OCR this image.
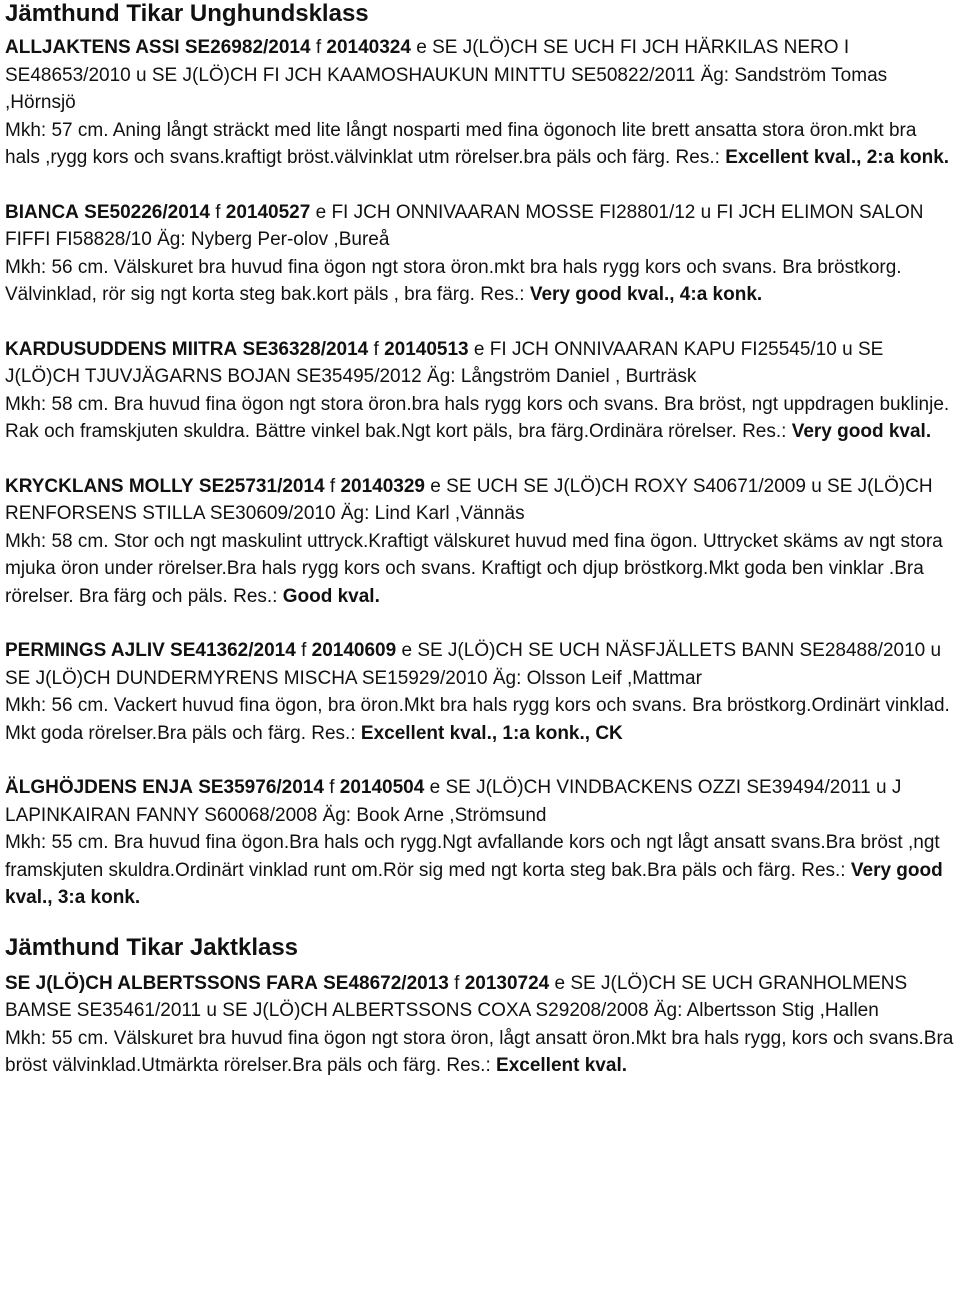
Jämthund Tikar Unghundsklass
ALLJAKTENS ASSI SE26982/2014 f 20140324 e SE J(LÖ)CH SE UCH FI JCH HÄRKILAS NERO I SE48653/2010 u SE J(LÖ)CH FI JCH KAAMOSHAUKUN MINTTU SE50822/2011 Äg: Sandström Tomas ,Hörnsjö
Mkh: 57 cm. Aning långt sträckt med lite långt nosparti med fina ögonoch lite brett ansatta stora öron.mkt bra hals ,rygg kors och svans.kraftigt bröst.välvinklat utm rörelser.bra päls och färg. Res.: Excellent kval., 2:a konk.
BIANCA SE50226/2014 f 20140527 e FI JCH ONNIVAARAN MOSSE FI28801/12 u FI JCH ELIMON SALON FIFFI FI58828/10 Äg: Nyberg Per-olov ,Bureå
Mkh: 56 cm. Välskuret bra huvud fina ögon ngt stora öron.mkt bra hals rygg kors och svans. Bra bröstkorg. Välvinklad, rör sig ngt korta steg bak.kort päls , bra färg. Res.: Very good kval., 4:a konk.
KARDUSUDDENS MIITRA SE36328/2014 f 20140513 e FI JCH ONNIVAARAN KAPU FI25545/10 u SE J(LÖ)CH TJUVJÄGARNS BOJAN SE35495/2012 Äg: Långström Daniel , Burträsk
Mkh: 58 cm. Bra huvud fina ögon ngt stora öron.bra hals rygg kors och svans. Bra bröst, ngt uppdragen buklinje. Rak och framskjuten skuldra. Bättre vinkel bak.Ngt kort päls, bra färg.Ordinära rörelser. Res.: Very good kval.
KRYCKLANS MOLLY SE25731/2014 f 20140329 e SE UCH SE J(LÖ)CH ROXY S40671/2009 u SE J(LÖ)CH RENFORSENS STILLA SE30609/2010 Äg: Lind Karl ,Vännäs
Mkh: 58 cm. Stor och ngt maskulint uttryck.Kraftigt välskuret huvud med fina ögon. Uttrycket skäms av ngt stora mjuka öron under rörelser.Bra hals rygg kors och svans. Kraftigt och djup bröstkorg.Mkt goda ben vinklar .Bra rörelser. Bra färg och päls. Res.: Good kval.
PERMINGS AJLIV SE41362/2014 f 20140609 e SE J(LÖ)CH SE UCH NÄSFJÄLLETS BANN SE28488/2010 u SE J(LÖ)CH DUNDERMYRENS MISCHA SE15929/2010 Äg: Olsson Leif ,Mattmar
Mkh: 56 cm. Vackert huvud fina ögon, bra öron.Mkt bra hals rygg kors och svans. Bra bröstkorg.Ordinärt vinklad. Mkt goda rörelser.Bra päls och färg. Res.: Excellent kval., 1:a konk., CK
ÄLGHÖJDENS ENJA SE35976/2014 f 20140504 e SE J(LÖ)CH VINDBACKENS OZZI SE39494/2011 u J LAPINKAIRAN FANNY S60068/2008 Äg: Book Arne ,Strömsund
Mkh: 55 cm. Bra huvud fina ögon.Bra hals och rygg.Ngt avfallande kors och ngt lågt ansatt svans.Bra bröst ,ngt framskjuten skuldra.Ordinärt vinklad runt om.Rör sig med ngt korta steg bak.Bra päls och färg. Res.: Very good kval., 3:a konk.
Jämthund Tikar Jaktklass
SE J(LÖ)CH ALBERTSSONS FARA SE48672/2013 f 20130724 e SE J(LÖ)CH SE UCH GRANHOLMENS BAMSE SE35461/2011 u SE J(LÖ)CH ALBERTSSONS COXA S29208/2008 Äg: Albertsson Stig ,Hallen
Mkh: 55 cm. Välskuret bra huvud fina ögon ngt stora öron, lågt ansatt öron.Mkt bra hals rygg, kors och svans.Bra bröst välvinklad.Utmärkta rörelser.Bra päls och färg. Res.: Excellent kval.
